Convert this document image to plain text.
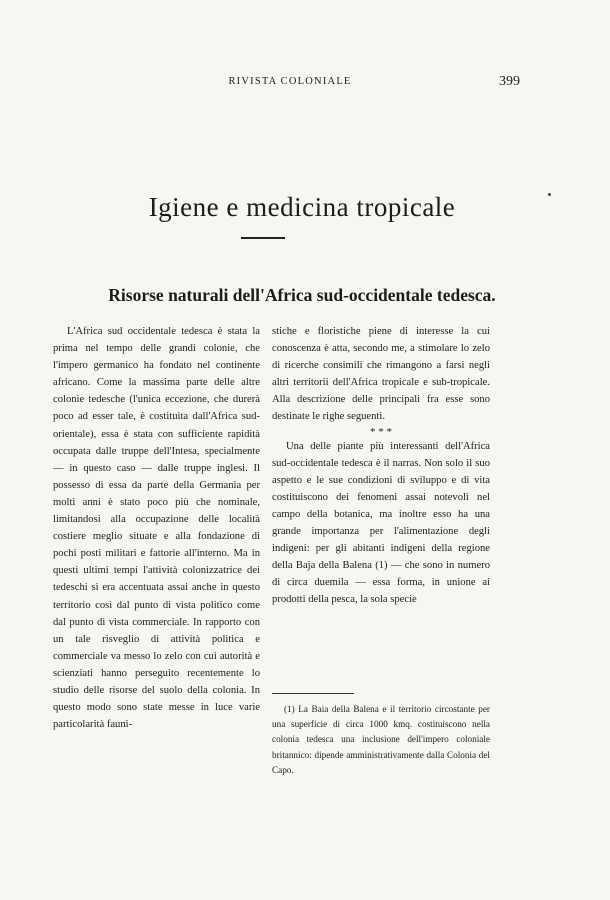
RIVISTA COLONIALE	399
Igiene e medicina tropicale
Risorse naturali dell'Africa sud-occidentale tedesca.

L'Africa sud occidentale tedesca è stata la prima nel tempo delle grandi colonie, che l'impero germanico ha fondato nel continente africano. Come la massima parte delle altre colonie tedesche (l'unica eccezione, che durerà poco ad esser tale, è costituita dall'Africa sud-orientale), essa è stata con sufficiente rapidità occupata dalle truppe dell'Intesa, specialmente — in questo caso — dalle truppe inglesi. Il possesso di essa da parte della Germania per molti anni è stato poco più che nominale, limitandosi alla occupazione delle località costiere meglio situate e alla fondazione di pochi posti militari e fattorie all'interno. Ma in questi ultimi tempi l'attività colonizzatrice dei tedeschi si era accentuata assai anche in questo territorio così dal punto di vista politico come dal punto di vista commerciale. In rapporto con un tale risveglio di attività politica e commerciale va messo lo zelo con cui autorità e scienziati hanno perseguito recentemente lo studio delle risorse del suolo della colonia. In questo modo sono state messe in luce varie particolarità fauni-

stiche e floristiche piene di interesse la cui conoscenza è atta, secondo me, a stimolare lo zelo di ricerche consimili che rimangono a farsi negli altri territorii dell'Africa tropicale e sub-tropicale. Alla descrizione delle principali fra esse sono destinate le righe seguenti.

* * *

Una delle piante più interessanti dell'Africa sud-occidentale tedesca è il narras. Non solo il suo aspetto e le sue condizioni di sviluppo e di vita costituiscono dei fenomeni assai notevoli nel campo della botanica, ma inoltre esso ha una grande importanza per l'alimentazione degli indigeni: per gli abitanti indigeni della regione della Baja della Balena (1) — che sono in numero di circa duemila — essa forma, in unione ai prodotti della pesca, la sola specie

(1) La Baia della Balena e il territorio circostante per una superficie di circa 1000 kmq. costituiscono nella colonia tedesca una inclusione dell'impero coloniale britannico: dipende amministrativamente dalla Colonia del Capo.
